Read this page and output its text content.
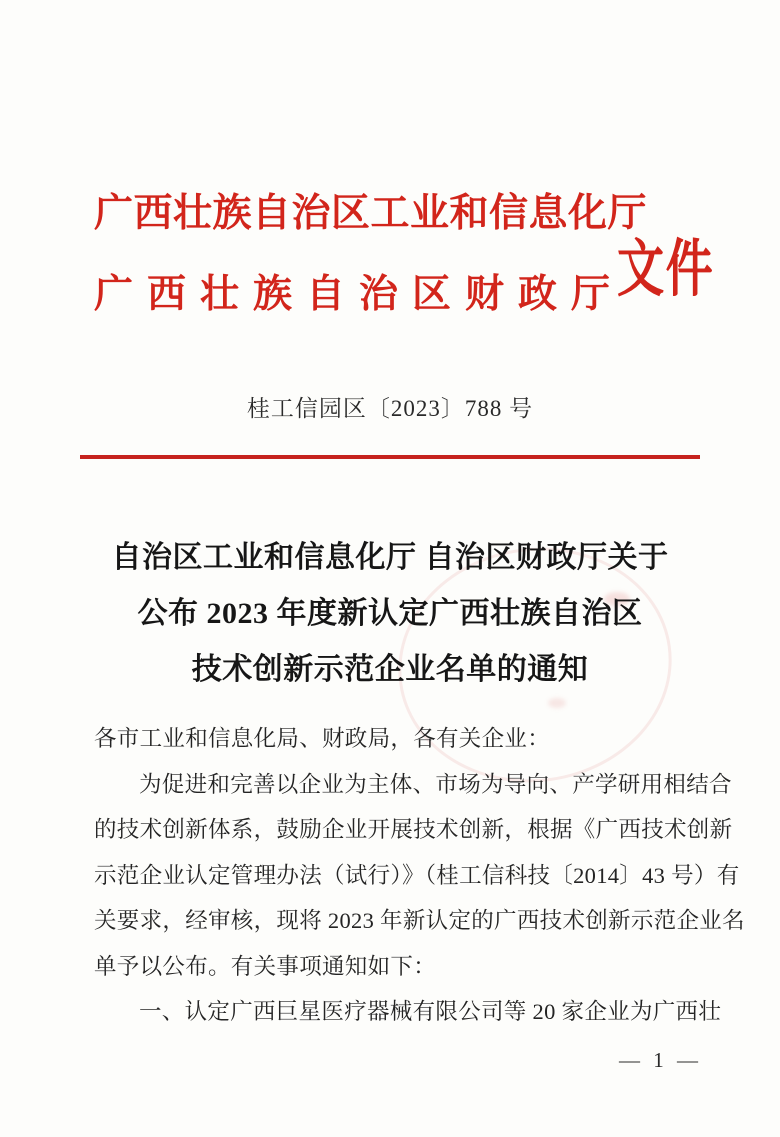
广西壮族自治区工业和信息化厅
广西壮族自治区财政厅
文件
桂工信园区〔2023〕788 号
自治区工业和信息化厅 自治区财政厅关于
公布 2023 年度新认定广西壮族自治区
技术创新示范企业名单的通知
各市工业和信息化局、财政局，各有关企业：
为促进和完善以企业为主体、市场为导向、产学研用相结合
的技术创新体系，鼓励企业开展技术创新，根据《广西技术创新
示范企业认定管理办法（试行）》（桂工信科技〔2014〕43 号）有
关要求，经审核，现将 2023 年新认定的广西技术创新示范企业名
单予以公布。有关事项通知如下：
一、认定广西巨星医疗器械有限公司等 20 家企业为广西壮
— 1 —
